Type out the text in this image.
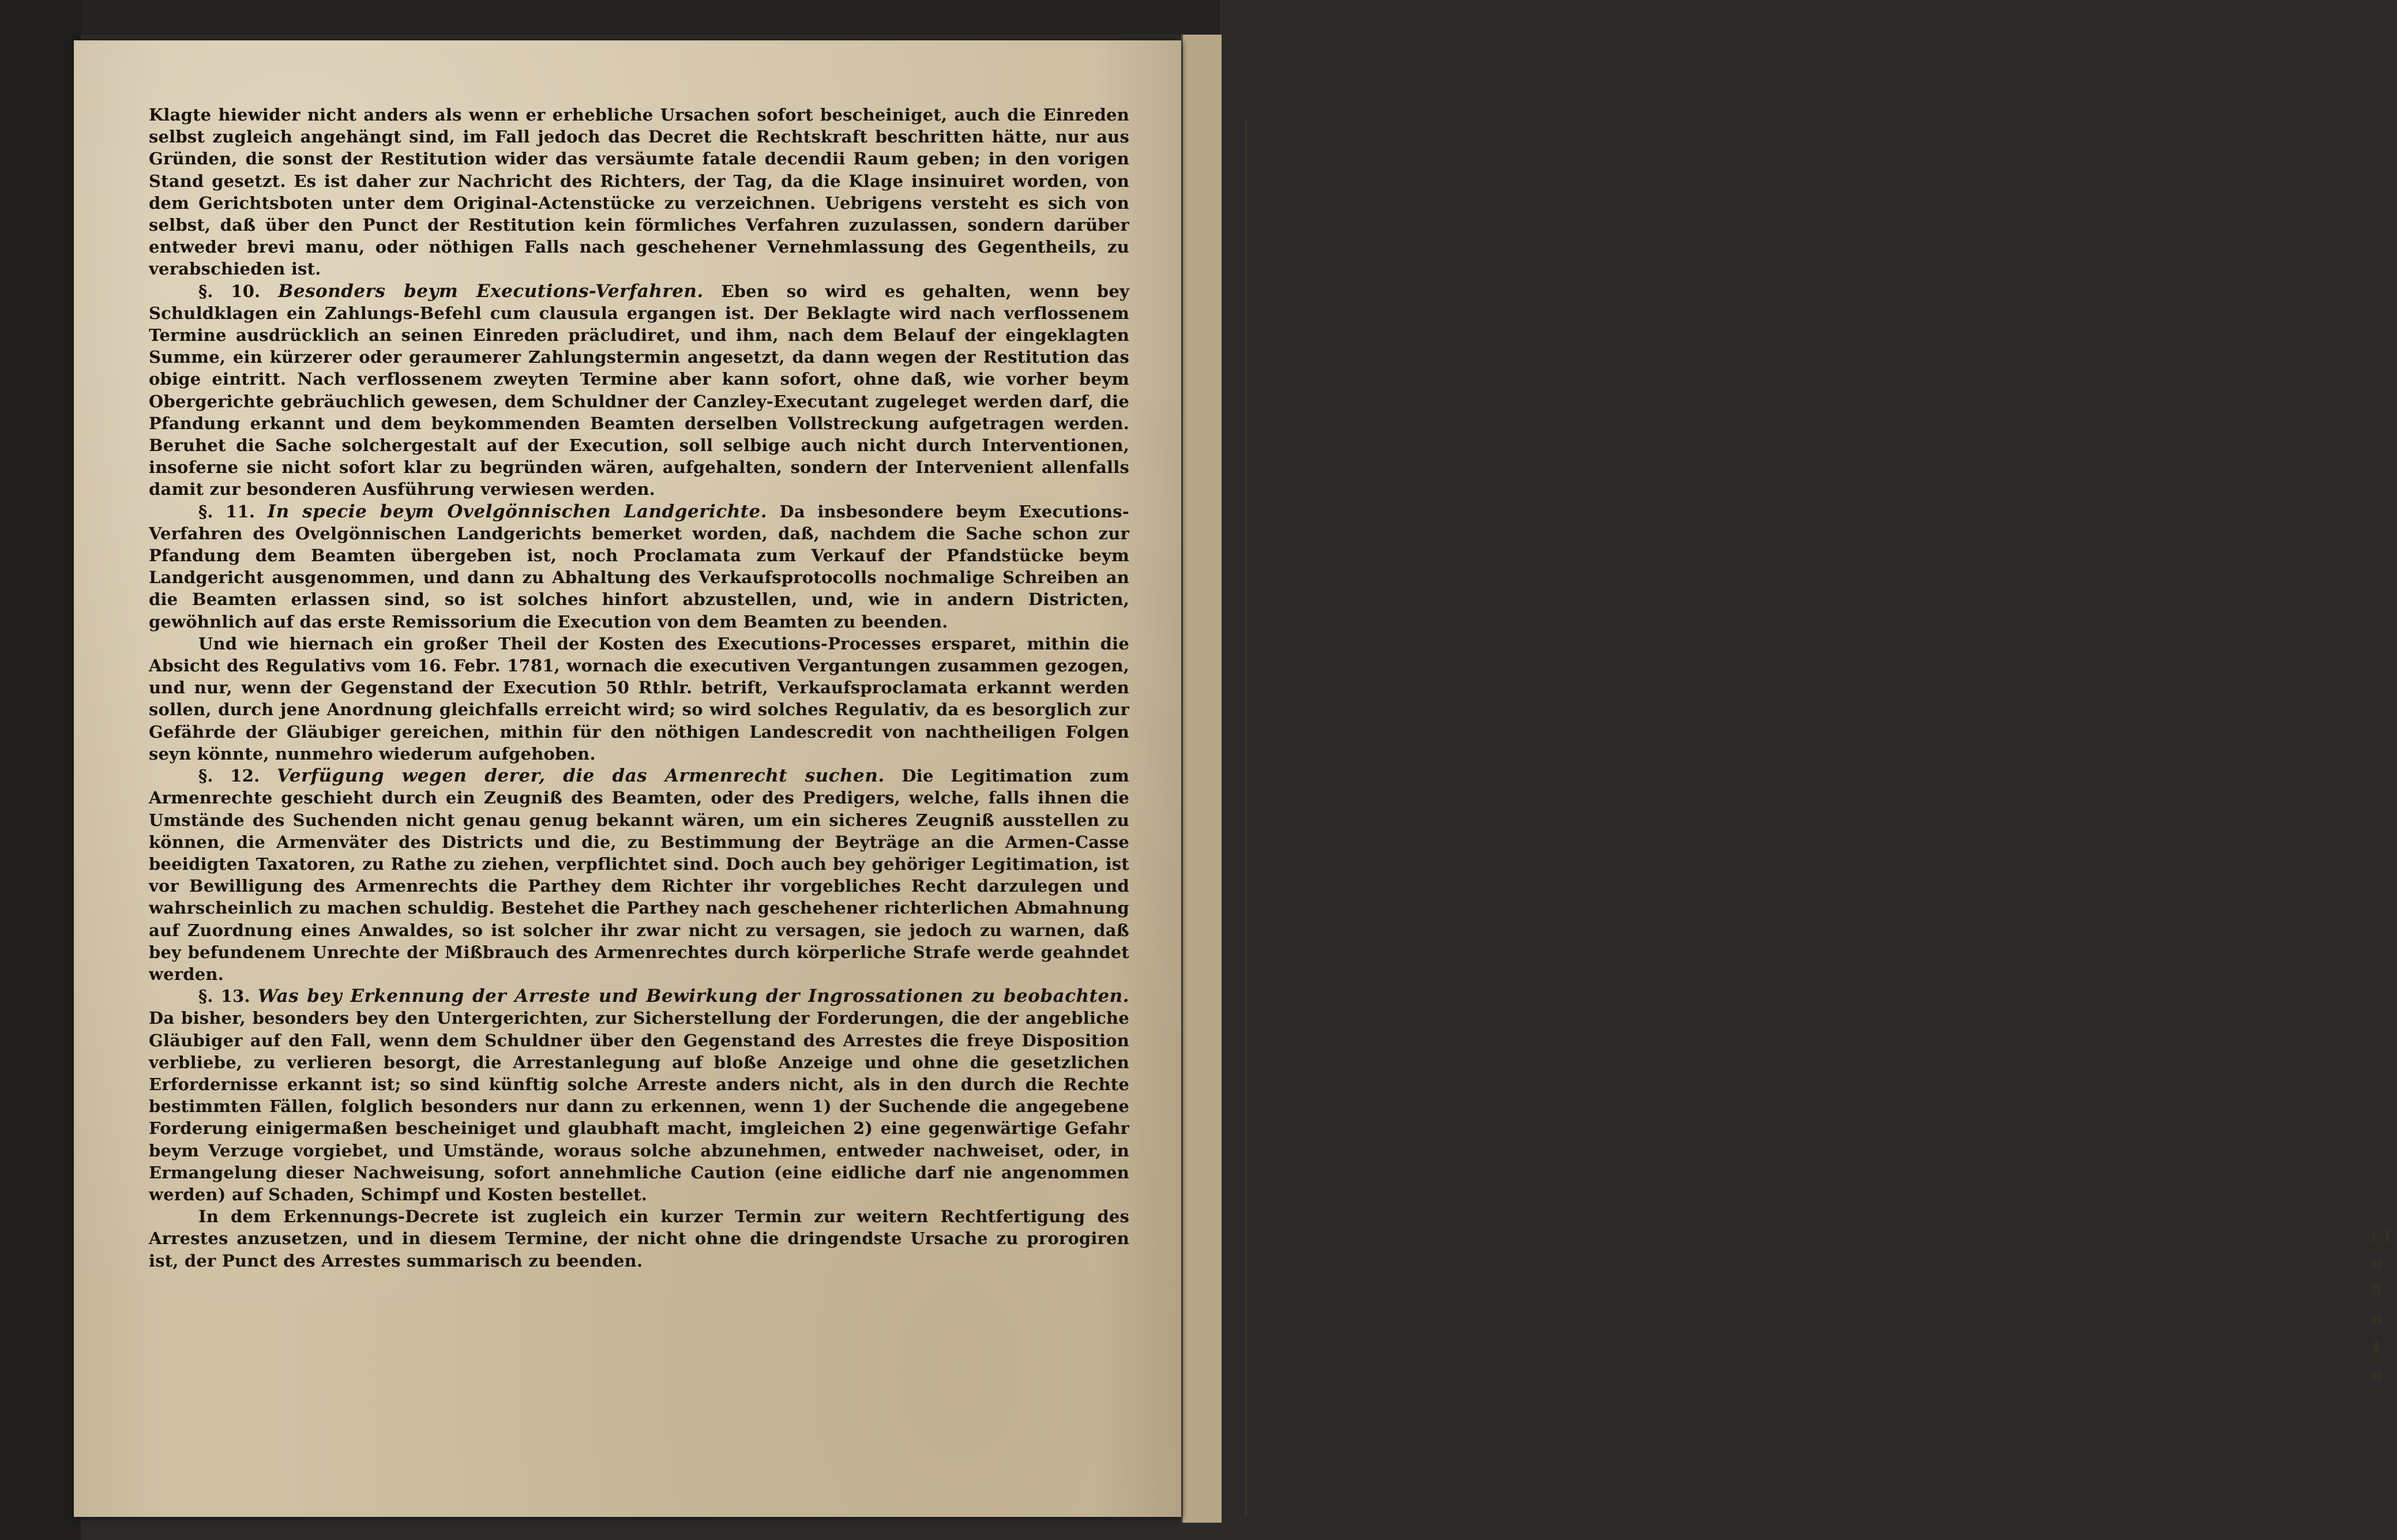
r l u 5 n 1 u

Klagte hiewider nicht anders als wenn er erhebliche Ursachen sofort bescheiniget, auch die Einreden selbst zugleich angehängt sind, im Fall jedoch das Decret die Rechtskraft beschritten hätte, nur aus Gründen, die sonst der Restitution wider das versäumte fatale decendii Raum geben; in den vorigen Stand gesetzt. Es ist daher zur Nachricht des Richters, der Tag, da die Klage insinuiret worden, von dem Gerichtsboten unter dem Original-Actenstücke zu verzeichnen. Uebrigens versteht es sich von selbst, daß über den Punct der Restitution kein förmliches Verfahren zuzulassen, sondern darüber entweder brevi manu, oder nöthigen Falls nach geschehener Vernehmlassung des Gegentheils, zu verabschieden ist.

§. 10. Besonders beym Executions-Verfahren. Eben so wird es gehalten, wenn bey Schuldklagen ein Zahlungs-Befehl cum clausula ergangen ist. Der Beklagte wird nach verflossenem Termine ausdrücklich an seinen Einreden präcludiret, und ihm, nach dem Belauf der eingeklagten Summe, ein kürzerer oder geraumerer Zahlungstermin angesetzt, da dann wegen der Restitution das obige eintritt. Nach verflossenem zweyten Termine aber kann sofort, ohne daß, wie vorher beym Obergerichte gebräuchlich gewesen, dem Schuldner der Canzley-Executant zugeleget werden darf, die Pfandung erkannt und dem beykommenden Beamten derselben Vollstreckung aufgetragen werden. Beruhet die Sache solchergestalt auf der Execution, soll selbige auch nicht durch Interventionen, insoferne sie nicht sofort klar zu begründen wären, aufgehalten, sondern der Intervenient allenfalls damit zur besonderen Ausführung verwiesen werden.

§. 11. In specie beym Ovelgönnischen Landgerichte. Da insbesondere beym Executions-Verfahren des Ovelgönnischen Landgerichts bemerket worden, daß, nachdem die Sache schon zur Pfandung dem Beamten übergeben ist, noch Proclamata zum Verkauf der Pfandstücke beym Landgericht ausgenommen, und dann zu Abhaltung des Verkaufsprotocolls nochmalige Schreiben an die Beamten erlassen sind, so ist solches hinfort abzustellen, und, wie in andern Districten, gewöhnlich auf das erste Remissorium die Execution von dem Beamten zu beenden.

Und wie hiernach ein großer Theil der Kosten des Executions-Processes ersparet, mithin die Absicht des Regulativs vom 16. Febr. 1781, wornach die executiven Vergantungen zusammen gezogen, und nur, wenn der Gegenstand der Execution 50 Rthlr. betrift, Verkaufsproclamata erkannt werden sollen, durch jene Anordnung gleichfalls erreicht wird; so wird solches Regulativ, da es besorglich zur Gefährde der Gläubiger gereichen, mithin für den nöthigen Landescredit von nachtheiligen Folgen seyn könnte, nunmehro wiederum aufgehoben.

§. 12. Verfügung wegen derer, die das Armenrecht suchen. Die Legitimation zum Armenrechte geschieht durch ein Zeugniß des Beamten, oder des Predigers, welche, falls ihnen die Umstände des Suchenden nicht genau genug bekannt wären, um ein sicheres Zeugniß ausstellen zu können, die Armenväter des Districts und die, zu Bestimmung der Beyträge an die Armen-Casse beeidigten Taxatoren, zu Rathe zu ziehen, verpflichtet sind. Doch auch bey gehöriger Legitimation, ist vor Bewilligung des Armenrechts die Parthey dem Richter ihr vorgebliches Recht darzulegen und wahrscheinlich zu machen schuldig. Bestehet die Parthey nach geschehener richterlichen Abmahnung auf Zuordnung eines Anwaldes, so ist solcher ihr zwar nicht zu versagen, sie jedoch zu warnen, daß bey befundenem Unrechte der Mißbrauch des Armenrechtes durch körperliche Strafe werde geahndet werden.

§. 13. Was bey Erkennung der Arreste und Bewirkung der Ingrossationen zu beobachten. Da bisher, besonders bey den Untergerichten, zur Sicherstellung der Forderungen, die der angebliche Gläubiger auf den Fall, wenn dem Schuldner über den Gegenstand des Arrestes die freye Disposition verbliebe, zu verlieren besorgt, die Arrestanlegung auf bloße Anzeige und ohne die gesetzlichen Erfordernisse erkannt ist; so sind künftig solche Arreste anders nicht, als in den durch die Rechte bestimmten Fällen, folglich besonders nur dann zu erkennen, wenn 1) der Suchende die angegebene Forderung einigermaßen bescheiniget und glaubhaft macht, imgleichen 2) eine gegenwärtige Gefahr beym Verzuge vorgiebet, und Umstände, woraus solche abzunehmen, entweder nachweiset, oder, in Ermangelung dieser Nachweisung, sofort annehmliche Caution (eine eidliche darf nie angenommen werden) auf Schaden, Schimpf und Kosten bestellet.

In dem Erkennungs-Decrete ist zugleich ein kurzer Termin zur weitern Rechtfertigung des Arrestes anzusetzen, und in diesem Termine, der nicht ohne die dringendste Ursache zu prorogiren ist, der Punct des Arrestes summarisch zu beenden.
